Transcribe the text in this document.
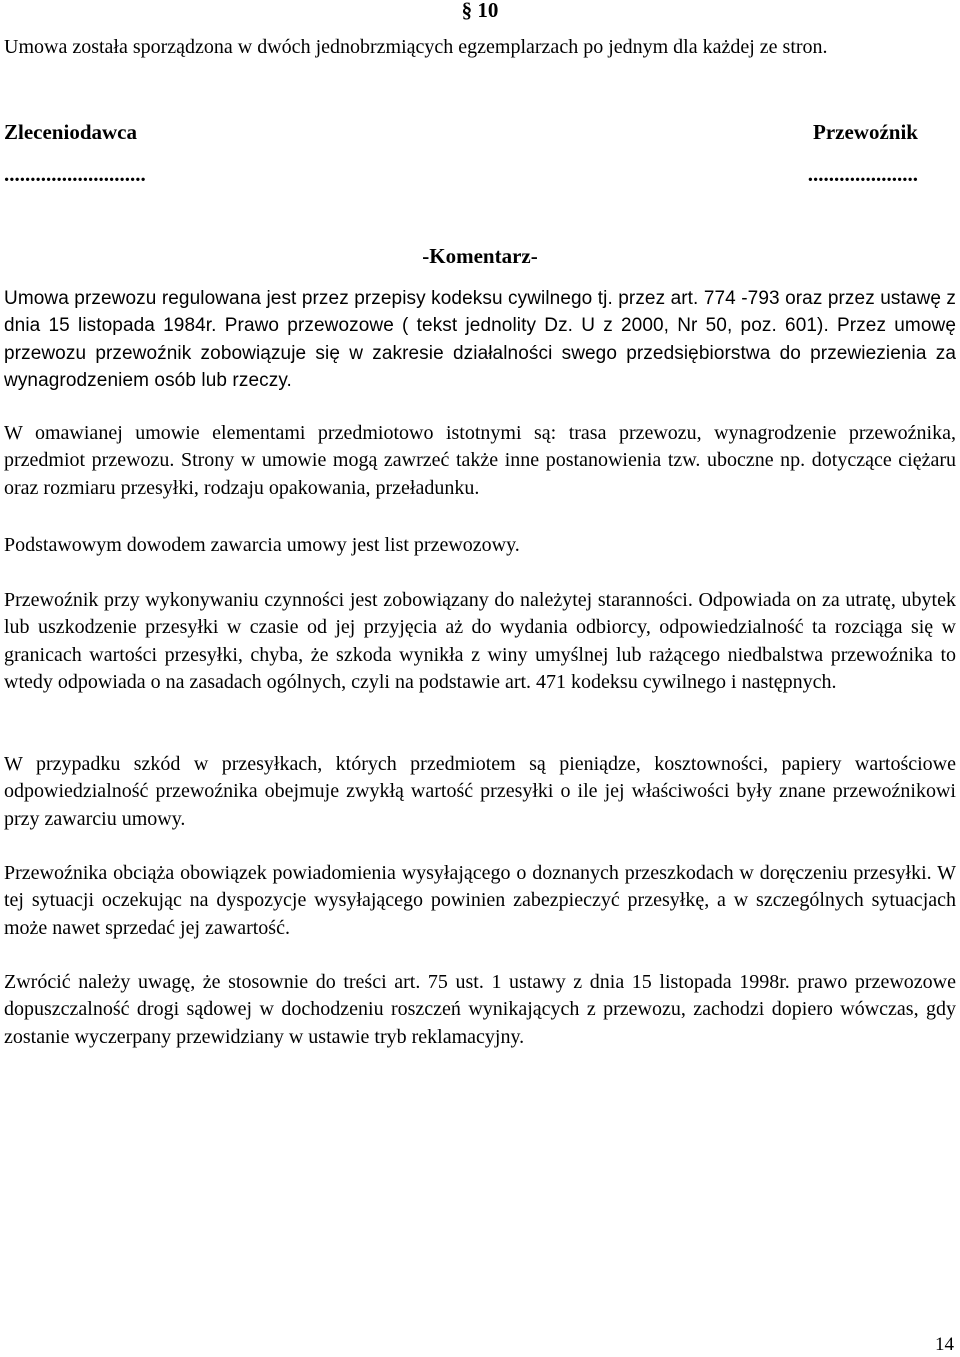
§ 10

Umowa została sporządzona w dwóch jednobrzmiących egzemplarzach po jednym dla każdej ze stron.

Zleceniodawca	Przewoźnik
...........................	.....................
-Komentarz-

Umowa przewozu regulowana jest przez przepisy kodeksu cywilnego tj. przez art. 774 -793 oraz przez ustawę z dnia 15 listopada 1984r. Prawo przewozowe ( tekst jednolity Dz. U z 2000, Nr 50, poz. 601). Przez umowę przewozu przewoźnik zobowiązuje się w zakresie działalności swego przedsiębiorstwa do przewiezienia za wynagrodzeniem osób lub rzeczy.

W omawianej umowie elementami przedmiotowo istotnymi są: trasa przewozu, wynagrodzenie przewoźnika, przedmiot przewozu. Strony w umowie mogą zawrzeć także inne postanowienia tzw. uboczne np. dotyczące ciężaru oraz rozmiaru przesyłki, rodzaju opakowania, przeładunku.

Podstawowym dowodem zawarcia umowy jest list przewozowy.

Przewoźnik przy wykonywaniu czynności jest zobowiązany do należytej staranności. Odpowiada on za utratę, ubytek lub uszkodzenie przesyłki w czasie od jej przyjęcia aż do wydania odbiorcy, odpowiedzialność ta rozciąga się w granicach wartości przesyłki, chyba, że szkoda wynikła z winy umyślnej lub rażącego niedbalstwa przewoźnika to wtedy odpowiada o na zasadach ogólnych, czyli na podstawie art. 471 kodeksu cywilnego i następnych.

W przypadku szkód w przesyłkach, których przedmiotem są pieniądze, kosztowności, papiery wartościowe odpowiedzialność przewoźnika obejmuje zwykłą wartość przesyłki o ile jej właściwości były znane przewoźnikowi przy zawarciu umowy.

Przewoźnika obciąża obowiązek powiadomienia wysyłającego o doznanych przeszkodach w doręczeniu przesyłki. W tej sytuacji oczekując na dyspozycje wysyłającego powinien zabezpieczyć przesyłkę, a w szczególnych sytuacjach może nawet sprzedać jej zawartość.

Zwrócić należy uwagę, że stosownie do treści art. 75 ust. 1 ustawy z dnia 15 listopada 1998r. prawo przewozowe dopuszczalność drogi sądowej w dochodzeniu roszczeń wynikających z przewozu, zachodzi dopiero wówczas, gdy zostanie wyczerpany przewidziany w ustawie tryb reklamacyjny.

14
